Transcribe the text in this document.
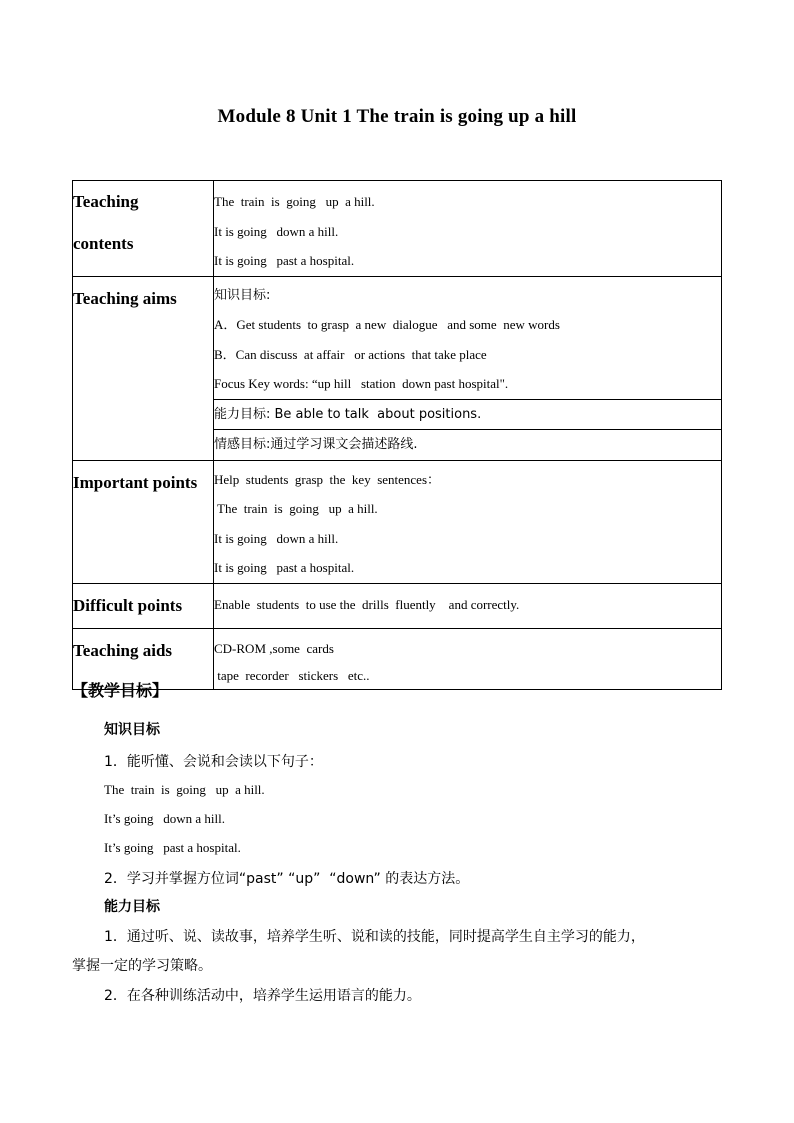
Module 8 Unit 1 The train is going up a hill
Teaching
contents	The  train  is  going   up  a hill.
It is going   down a hill.
It is going   past a hospital.

Teaching aims	知识目标:
A．Get students  to grasp  a new  dialogue   and some  new words
B．Can discuss  at affair   or actions  that take place
Focus Key words: “up hill   station  down past hospital".

	能力目标: Be able to talk  about positions.

	情感目标:通过学习课文会描述路线.

Important points	Help  students  grasp  the  key  sentences：
The  train  is  going   up  a hill.
It is going   down a hill.
It is going   past a hospital.

Difficult points	Enable  students  to use the  drills  fluently    and correctly.

Teaching aids	CD-ROM ,some  cards
tape  recorder   stickers   etc..
【教学目标】
知识目标
1．能听懂、会说和会读以下句子：
The  train  is  going   up  a hill.
It’s going   down a hill.
It’s going   past a hospital.
2．学习并掌握方位词“past” “up”  “down” 的表达方法。
能力目标
1．通过听、说、读故事，培养学生听、说和读的技能，同时提高学生自主学习的能力，
掌握一定的学习策略。
2．在各种训练活动中，培养学生运用语言的能力。
